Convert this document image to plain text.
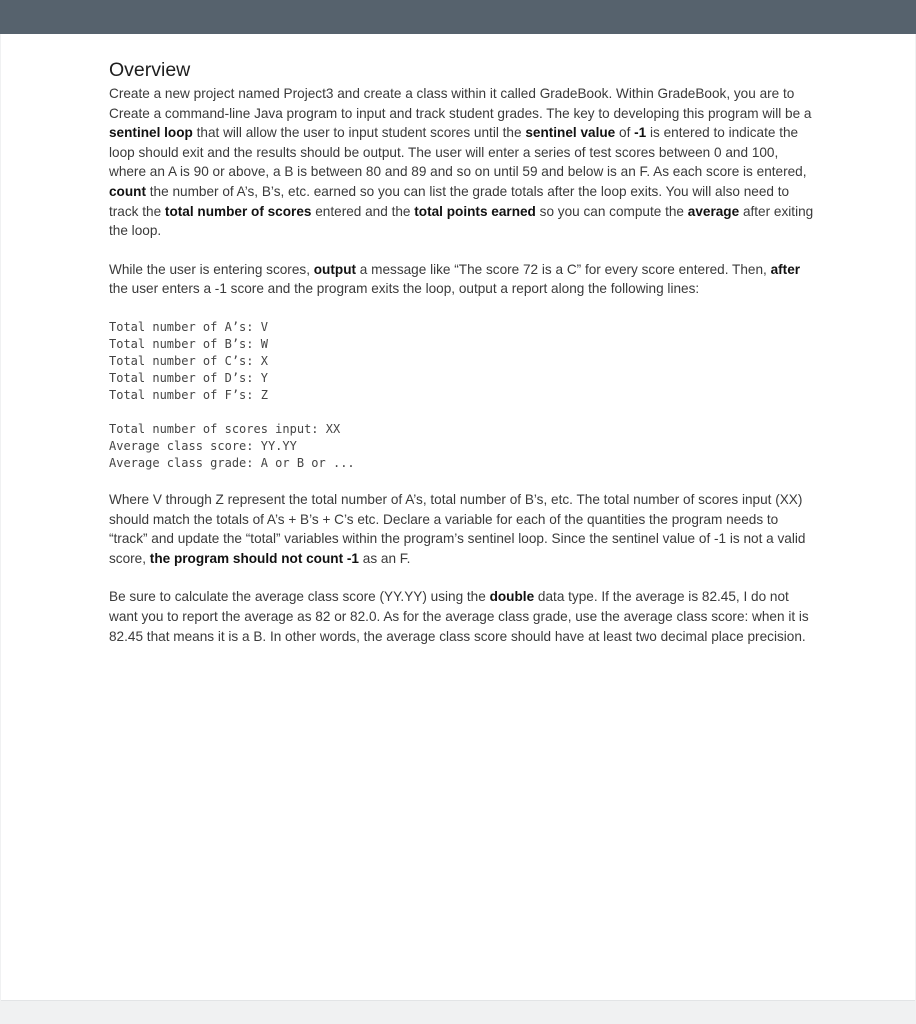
Overview

Create a new project named Project3 and create a class within it called GradeBook. Within GradeBook, you are to Create a command-line Java program to input and track student grades. The key to developing this program will be a sentinel loop that will allow the user to input student scores until the sentinel value of -1 is entered to indicate the loop should exit and the results should be output. The user will enter a series of test scores between 0 and 100, where an A is 90 or above, a B is between 80 and 89 and so on until 59 and below is an F. As each score is entered, count the number of A’s, B’s, etc. earned so you can list the grade totals after the loop exits. You will also need to track the total number of scores entered and the total points earned so you can compute the average after exiting the loop.

While the user is entering scores, output a message like “The score 72 is a C” for every score entered. Then, after the user enters a -1 score and the program exits the loop, output a report along the following lines:

Total number of A’s: V
Total number of B’s: W
Total number of C’s: X
Total number of D’s: Y
Total number of F’s: Z
Total number of scores input: XX
Average class score: YY.YY
Average class grade: A or B or ...

Where V through Z represent the total number of A’s, total number of B’s, etc. The total number of scores input (XX) should match the totals of A’s + B’s + C’s etc. Declare a variable for each of the quantities the program needs to “track” and update the “total” variables within the program’s sentinel loop. Since the sentinel value of -1 is not a valid score, the program should not count -1 as an F.

Be sure to calculate the average class score (YY.YY) using the double data type. If the average is 82.45, I do not want you to report the average as 82 or 82.0. As for the average class grade, use the average class score: when it is 82.45 that means it is a B. In other words, the average class score should have at least two decimal place precision.
